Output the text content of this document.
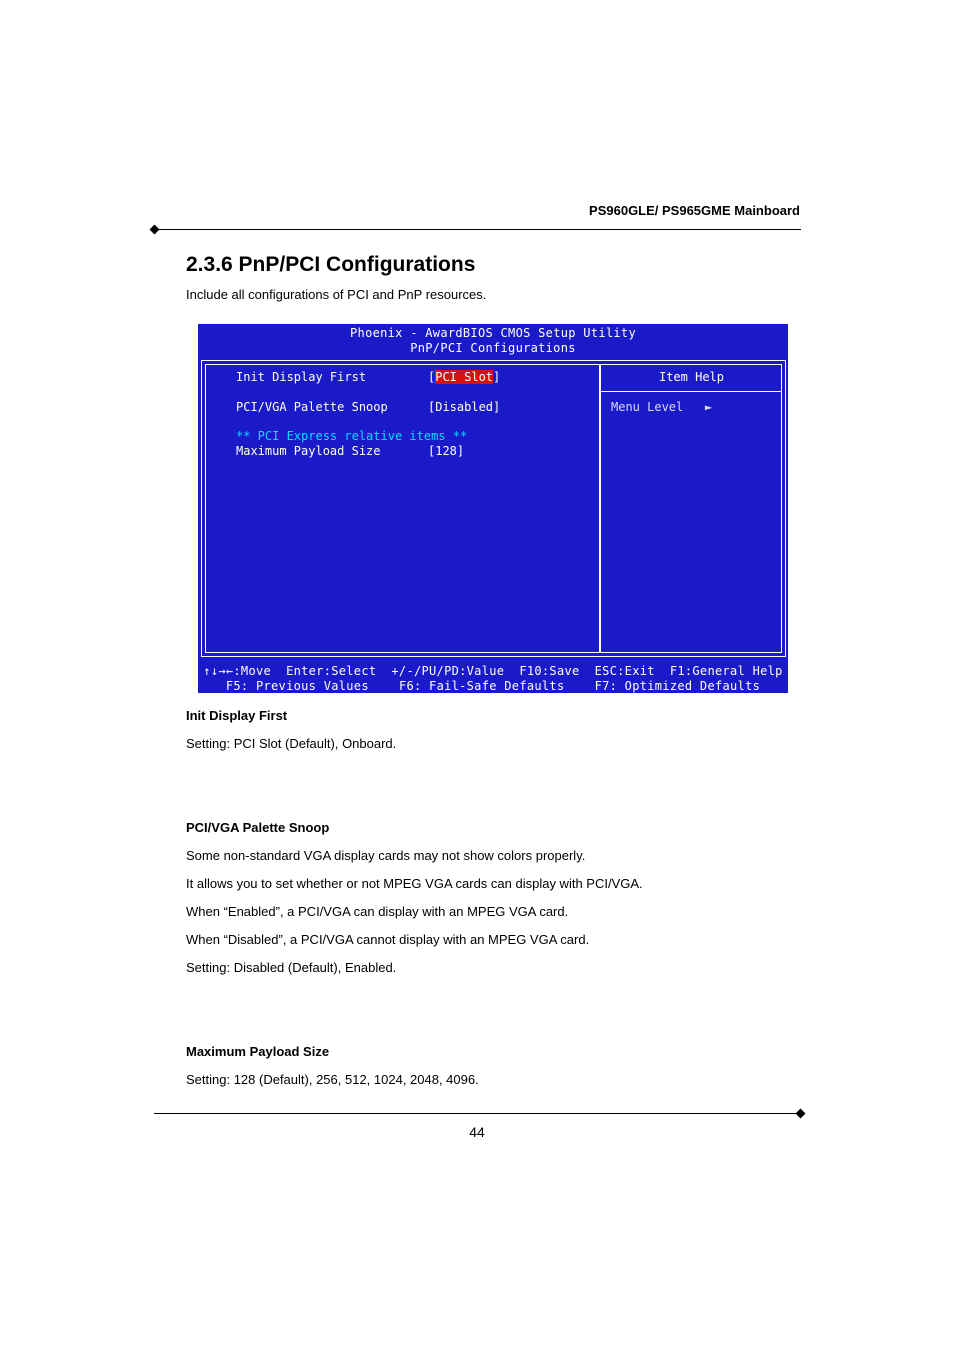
PS960GLE/ PS965GME Mainboard
2.3.6 PnP/PCI Configurations
Include all configurations of PCI and PnP resources.
Phoenix - AwardBIOS CMOS Setup Utility
PnP/PCI Configurations
Init Display First	[PCI Slot]
PCI/VGA Palette Snoop	[Disabled]
** PCI Express relative items **
Maximum Payload Size	[128]
Item Help
Menu Level   ►
↑↓→←:Move  Enter:Select  +/-/PU/PD:Value  F10:Save  ESC:Exit  F1:General Help
F5: Previous Values    F6: Fail-Safe Defaults    F7: Optimized Defaults
Init Display First
Setting: PCI Slot (Default), Onboard.
PCI/VGA Palette Snoop
Some non-standard VGA display cards may not show colors properly.
It allows you to set whether or not MPEG VGA cards can display with PCI/VGA.
When “Enabled”, a PCI/VGA can display with an MPEG VGA card.
When “Disabled”, a PCI/VGA cannot display with an MPEG VGA card.
Setting: Disabled (Default), Enabled.
Maximum Payload Size
Setting: 128 (Default), 256, 512, 1024, 2048, 4096.
44
